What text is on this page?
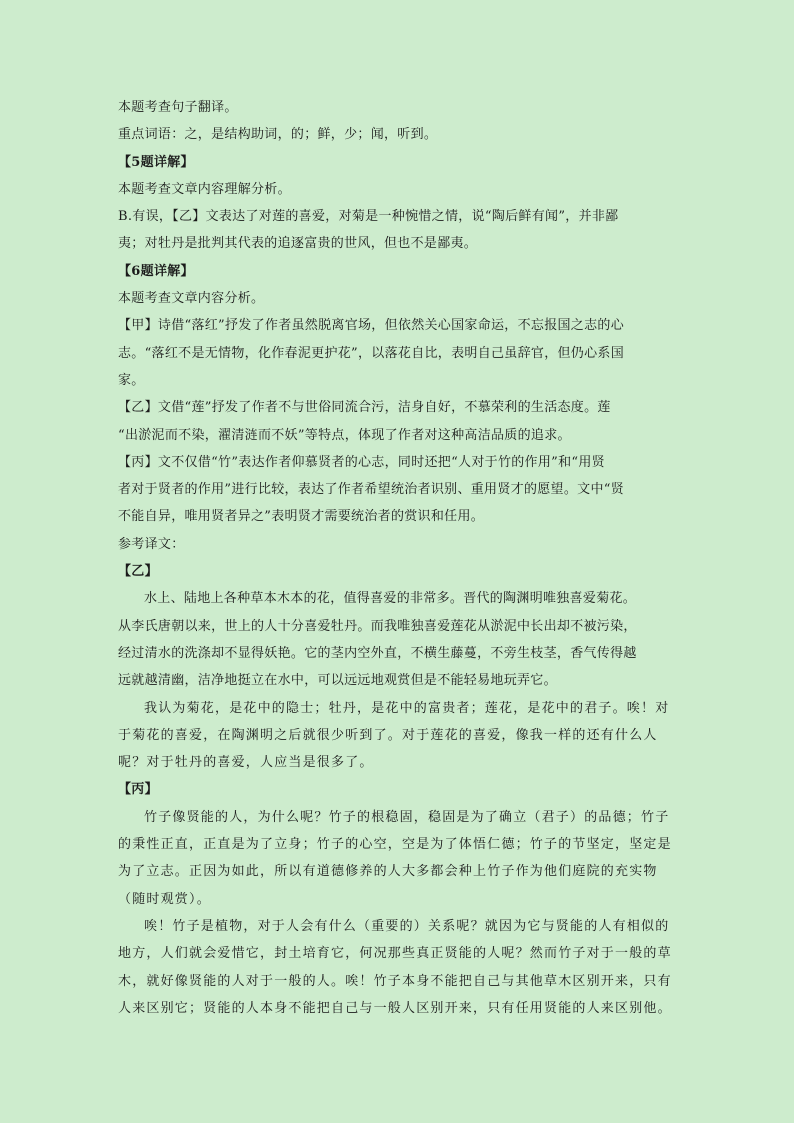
本题考查句子翻译。
重点词语：之，是结构助词，的；鲜，少；闻，听到。
【5题详解】
本题考查文章内容理解分析。
B.有误，【乙】文表达了对莲的喜爱，对菊是一种惋惜之情，说“陶后鲜有闻”，并非鄙
夷；对牡丹是批判其代表的追逐富贵的世风，但也不是鄙夷。
【6题详解】
本题考查文章内容分析。
【甲】诗借“落红”抒发了作者虽然脱离官场，但依然关心国家命运，不忘报国之志的心
志。“落红不是无情物，化作春泥更护花”，以落花自比，表明自己虽辞官，但仍心系国
家。
【乙】文借“莲”抒发了作者不与世俗同流合污，洁身自好，不慕荣利的生活态度。莲
“出淤泥而不染，濯清涟而不妖”等特点，体现了作者对这种高洁品质的追求。
【丙】文不仅借“竹”表达作者仰慕贤者的心志，同时还把“人对于竹的作用”和“用贤
者对于贤者的作用”进行比较，表达了作者希望统治者识别、重用贤才的愿望。文中“贤
不能自异，唯用贤者异之”表明贤才需要统治者的赏识和任用。
参考译文：
【乙】
水上、陆地上各种草本木本的花，值得喜爱的非常多。晋代的陶渊明唯独喜爱菊花。
从李氏唐朝以来，世上的人十分喜爱牡丹。而我唯独喜爱莲花从淤泥中长出却不被污染，
经过清水的洗涤却不显得妖艳。它的茎内空外直，不横生藤蔓，不旁生枝茎，香气传得越
远就越清幽，洁净地挺立在水中，可以远远地观赏但是不能轻易地玩弄它。
我认为菊花，是花中的隐士；牡丹，是花中的富贵者；莲花，是花中的君子。唉！对
于菊花的喜爱，在陶渊明之后就很少听到了。对于莲花的喜爱，像我一样的还有什么人
呢？对于牡丹的喜爱，人应当是很多了。
【丙】
竹子像贤能的人，为什么呢？竹子的根稳固，稳固是为了确立（君子）的品德；竹子
的秉性正直，正直是为了立身；竹子的心空，空是为了体悟仁德；竹子的节坚定，坚定是
为了立志。正因为如此，所以有道德修养的人大多都会种上竹子作为他们庭院的充实物
（随时观赏）。
唉！竹子是植物，对于人会有什么（重要的）关系呢？就因为它与贤能的人有相似的
地方，人们就会爱惜它，封土培育它，何况那些真正贤能的人呢？然而竹子对于一般的草
木，就好像贤能的人对于一般的人。唉！竹子本身不能把自己与其他草木区别开来，只有
人来区别它；贤能的人本身不能把自己与一般人区别开来，只有任用贤能的人来区别他。
